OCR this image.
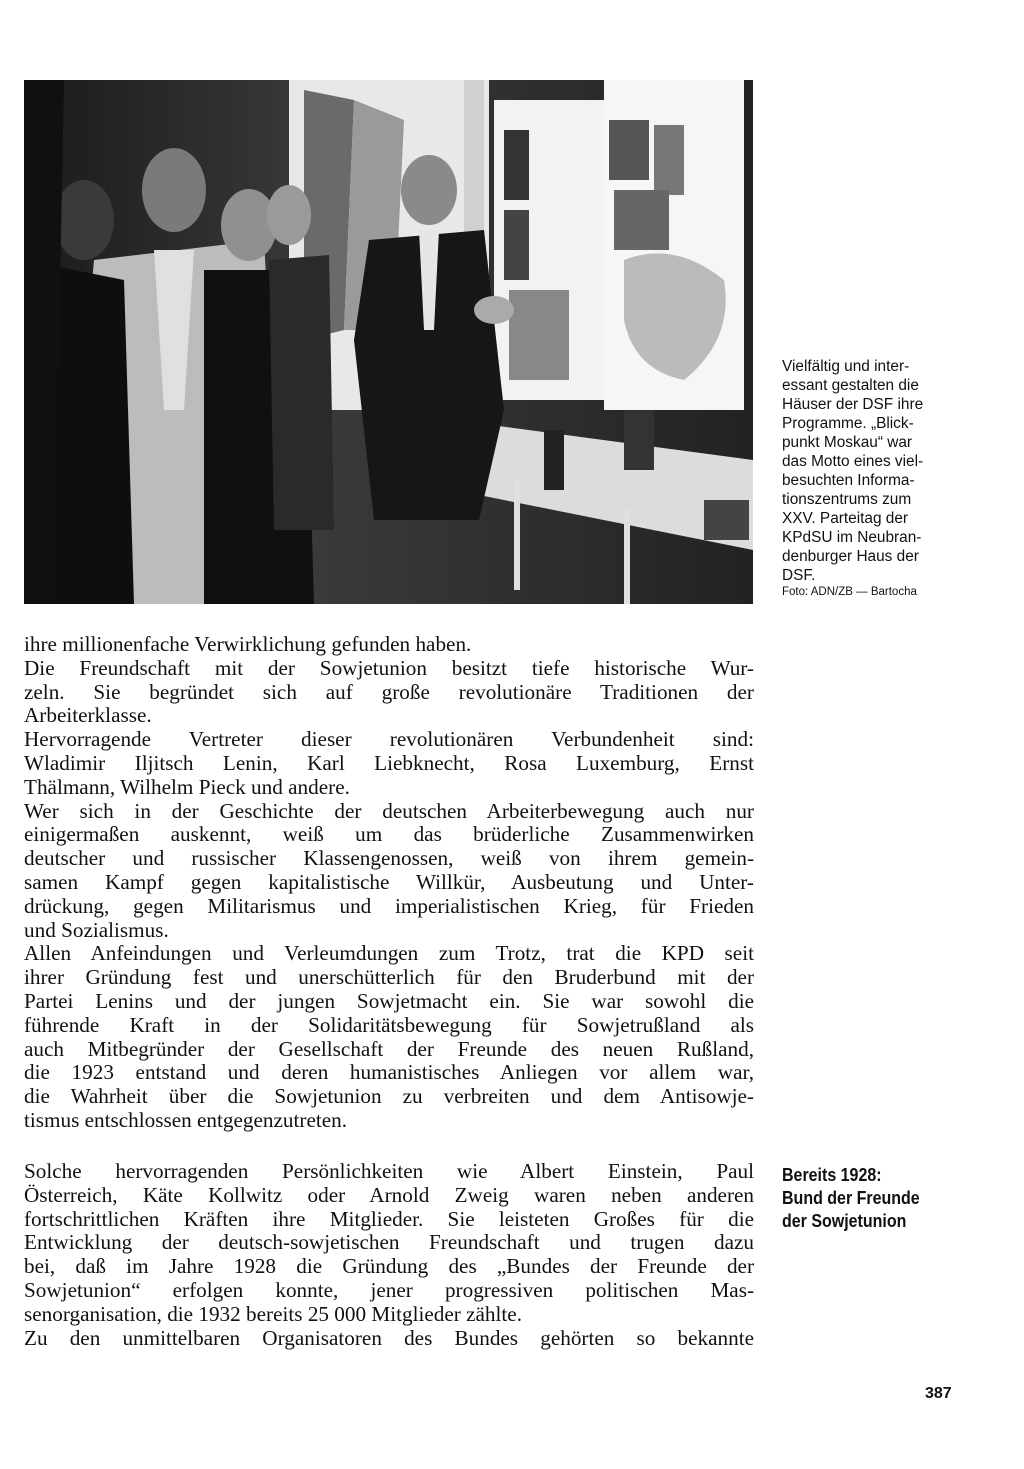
Vielfältig und inter-
essant gestalten die
Häuser der DSF ihre
Programme. „Blick-
punkt Moskau“ war
das Motto eines viel-
besuchten Informa-
tionszentrums zum
XXV. Parteitag der
KPdSU im Neubran-
denburger Haus der
DSF.
Foto: ADN/ZB — Bartocha
ihre millionenfache Verwirklichung gefunden haben.
Die Freundschaft mit der Sowjetunion besitzt tiefe historische Wur-
zeln. Sie begründet sich auf große revolutionäre Traditionen der
Arbeiterklasse.
Hervorragende Vertreter dieser revolutionären Verbundenheit sind:
Wladimir Iljitsch Lenin, Karl Liebknecht, Rosa Luxemburg, Ernst
Thälmann, Wilhelm Pieck und andere.
Wer sich in der Geschichte der deutschen Arbeiterbewegung auch nur
einigermaßen auskennt, weiß um das brüderliche Zusammenwirken
deutscher und russischer Klassengenossen, weiß von ihrem gemein-
samen Kampf gegen kapitalistische Willkür, Ausbeutung und Unter-
drückung, gegen Militarismus und imperialistischen Krieg, für Frieden
und Sozialismus.
Allen Anfeindungen und Verleumdungen zum Trotz, trat die KPD seit
ihrer Gründung fest und unerschütterlich für den Bruderbund mit der
Partei Lenins und der jungen Sowjetmacht ein. Sie war sowohl die
führende Kraft in der Solidaritätsbewegung für Sowjetrußland als
auch Mitbegründer der Gesellschaft der Freunde des neuen Rußland,
die 1923 entstand und deren humanistisches Anliegen vor allem war,
die Wahrheit über die Sowjetunion zu verbreiten und dem Antisowje-
tismus entschlossen entgegenzutreten.
Solche hervorragenden Persönlichkeiten wie Albert Einstein, Paul
Österreich, Käte Kollwitz oder Arnold Zweig waren neben anderen
fortschrittlichen Kräften ihre Mitglieder. Sie leisteten Großes für die
Entwicklung der deutsch-sowjetischen Freundschaft und trugen dazu
bei, daß im Jahre 1928 die Gründung des „Bundes der Freunde der
Sowjetunion“ erfolgen konnte, jener progressiven politischen Mas-
senorganisation, die 1932 bereits 25 000 Mitglieder zählte.
Zu den unmittelbaren Organisatoren des Bundes gehörten so bekannte
Bereits 1928:
Bund der Freunde
der Sowjetunion
387
